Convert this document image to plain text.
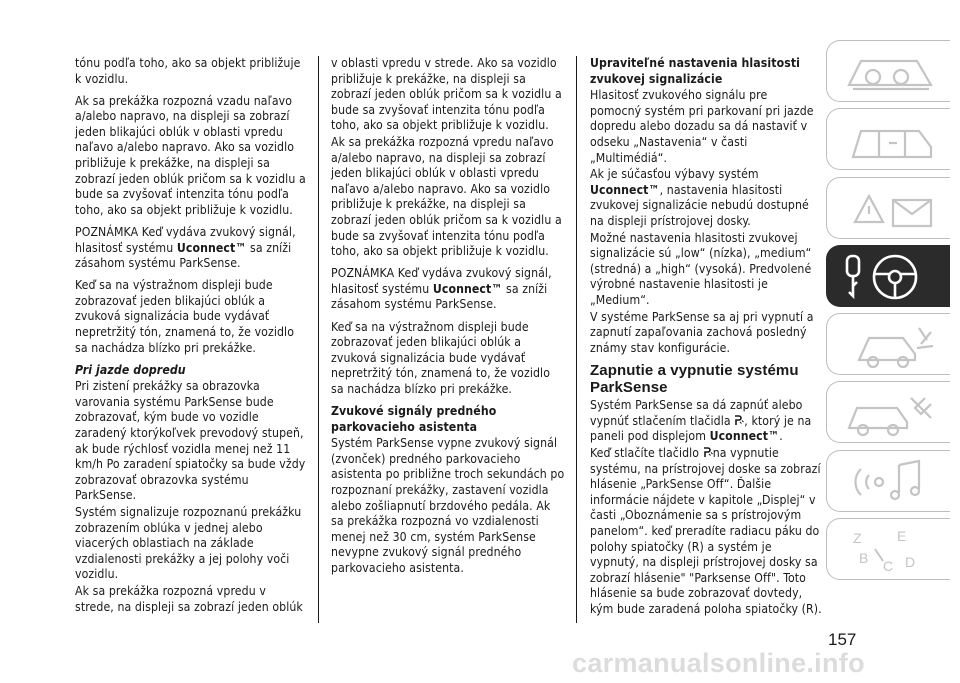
tónu podľa toho, ako sa objekt približuje k vozidlu.

Ak sa prekážka rozpozná vzadu naľavo a/alebo napravo, na displeji sa zobrazí jeden blikajúci oblúk v oblasti vpredu naľavo a/alebo napravo. Ako sa vozidlo približuje k prekážke, na displeji sa zobrazí jeden oblúk pričom sa k vozidlu a bude sa zvyšovať intenzita tónu podľa toho, ako sa objekt približuje k vozidlu.

POZNÁMKA Keď vydáva zvukový signál, hlasitosť systému Uconnect™ sa zníži zásahom systému ParkSense.

Keď sa na výstražnom displeji bude zobrazovať jeden blikajúci oblúk a zvuková signalizácia bude vydávať nepretržitý tón, znamená to, že vozidlo sa nachádza blízko pri prekážke.

Pri jazde dopredu

Pri zistení prekážky sa obrazovka varovania systému ParkSense bude zobrazovať, kým bude vo vozidle zaradený ktorýkoľvek prevodový stupeň, ak bude rýchlosť vozidla menej než 11 km/h Po zaradení spiatočky sa bude vždy zobrazovať obrazovka systému ParkSense.

Systém signalizuje rozpoznanú prekážku zobrazením oblúka v jednej alebo viacerých oblastiach na základe vzdialenosti prekážky a jej polohy voči vozidlu.

Ak sa prekážka rozpozná vpredu v strede, na displeji sa zobrazí jeden oblúk

v oblasti vpredu v strede. Ako sa vozidlo približuje k prekážke, na displeji sa zobrazí jeden oblúk pričom sa k vozidlu a bude sa zvyšovať intenzita tónu podľa toho, ako sa objekt približuje k vozidlu.

Ak sa prekážka rozpozná vpredu naľavo a/alebo napravo, na displeji sa zobrazí jeden blikajúci oblúk v oblasti vpredu naľavo a/alebo napravo. Ako sa vozidlo približuje k prekážke, na displeji sa zobrazí jeden oblúk pričom sa k vozidlu a bude sa zvyšovať intenzita tónu podľa toho, ako sa objekt približuje k vozidlu.

POZNÁMKA Keď vydáva zvukový signál, hlasitosť systému Uconnect™ sa zníži zásahom systému ParkSense.

Keď sa na výstražnom displeji bude zobrazovať jeden blikajúci oblúk a zvuková signalizácia bude vydávať nepretržitý tón, znamená to, že vozidlo sa nachádza blízko pri prekážke.

Zvukové signály predného parkovacieho asistenta

Systém ParkSense vypne zvukový signál (zvonček) predného parkovacieho asistenta po približne troch sekundách po rozpoznaní prekážky, zastavení vozidla alebo zošliapnutí brzdového pedála. Ak sa prekážka rozpozná vo vzdialenosti menej než 30 cm, systém ParkSense nevypne zvukový signál predného parkovacieho asistenta.

Upraviteľné nastavenia hlasitosti zvukovej signalizácie

Hlasitosť zvukového signálu pre pomocný systém pri parkovaní pri jazde dopredu alebo dozadu sa dá nastaviť v odseku „Nastavenia“ v časti „Multimédiá“.

Ak je súčasťou výbavy systém Uconnect™, nastavenia hlasitosti zvukovej signalizácie nebudú dostupné na displeji prístrojovej dosky.

Možné nastavenia hlasitosti zvukovej signalizácie sú „low“ (nízka), „medium“ (stredná) a „high“ (vysoká). Predvolené výrobné nastavenie hlasitosti je „Medium“.

V systéme ParkSense sa aj pri vypnutí a zapnutí zapaľovania zachová posledný známy stav konfigurácie.

Zapnutie a vypnutie systému ParkSense

Systém ParkSense sa dá zapnúť alebo vypnúť stlačením tlačidla , ktorý je na paneli pod displejom Uconnect™.

Keď stlačíte tlačidlo na vypnutie systému, na prístrojovej doske sa zobrazí hlásenie „ParkSense Off“. Ďalšie informácie nájdete v kapitole „Displej“ v časti „Oboznámenie sa s prístrojovým panelom“. keď preradíte radiacu páku do polohy spiatočky (R) a systém je vypnutý, na displeji prístrojovej dosky sa zobrazí hlásenie" "Parksense Off". Toto hlásenie sa bude zobrazovať dovtedy, kým bude zaradená poloha spiatočky (R).

Z	E
B C D
157
carmanualsonline.info
